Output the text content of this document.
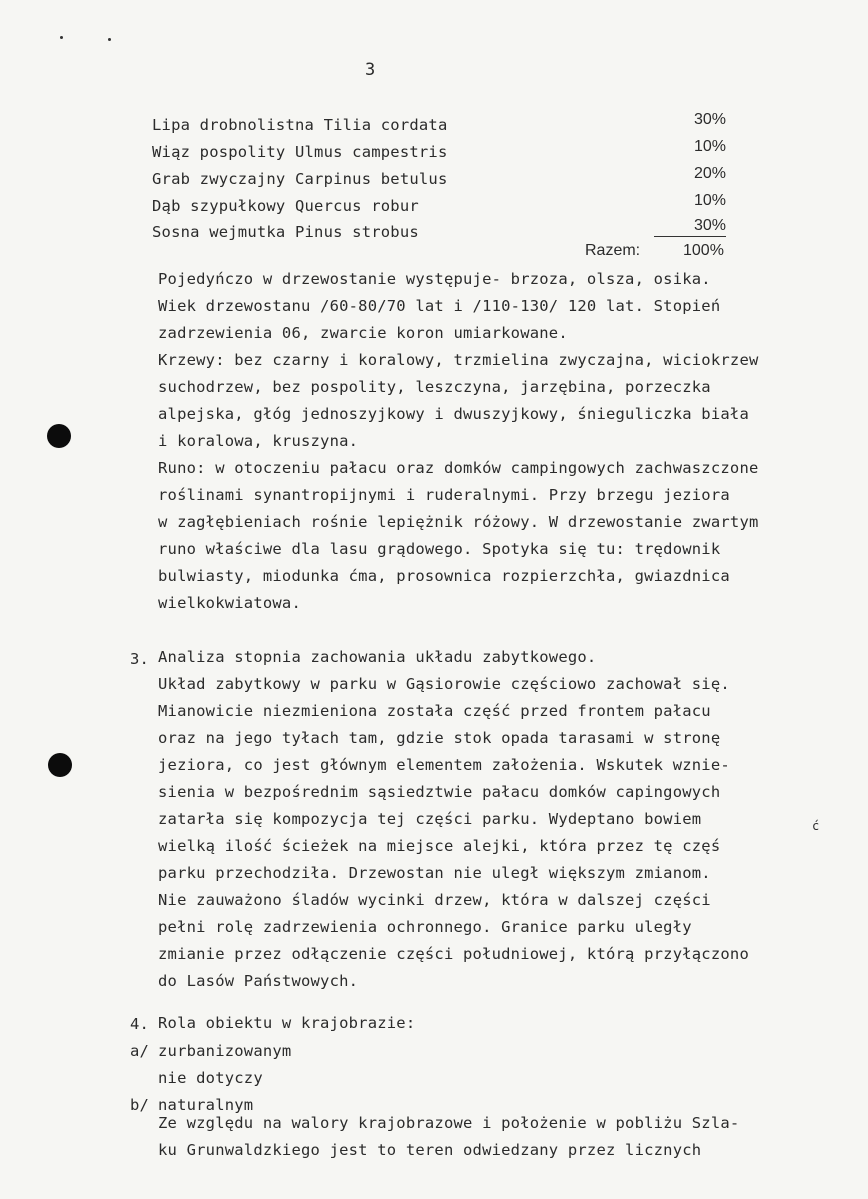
3
Lipa drobnolistna Tilia cordata	30%
Wiąz pospolity Ulmus campestris	10%
Grab zwyczajny Carpinus betulus	20%
Dąb szypułkowy Quercus robur	10%
Sosna wejmutka Pinus strobus	30%
Razem:	100%
Pojedyńczo w drzewostanie występuje- brzoza, olsza, osika.
Wiek drzewostanu /60-80/70 lat i /110-130/ 120 lat. Stopień
zadrzewienia 06, zwarcie koron umiarkowane.
Krzewy: bez czarny i koralowy, trzmielina zwyczajna, wiciokrzew
suchodrzew, bez pospolity, leszczyna, jarzębina, porzeczka
alpejska, głóg jednoszyjkowy i dwuszyjkowy, śnieguliczka biała
i koralowa, kruszyna.
Runo: w otoczeniu pałacu oraz domków campingowych zachwaszczone
roślinami synantropijnymi i ruderalnymi. Przy brzegu jeziora
w zagłębieniach rośnie lepiężnik różowy. W drzewostanie zwartym
runo właściwe dla lasu grądowego. Spotyka się tu: trędownik
bulwiasty, miodunka ćma, prosownica rozpierzchła, gwiazdnica
wielkokwiatowa.
3. Analiza stopnia zachowania układu zabytkowego.
Układ zabytkowy w parku w Gąsiorowie częściowo zachował się.
Mianowicie niezmieniona została część przed frontem pałacu
oraz na jego tyłach tam, gdzie stok opada tarasami w stronę
jeziora, co jest głównym elementem założenia. Wskutek wznie-
sienia w bezpośrednim sąsiedztwie pałacu domków capingowych
zatarła się kompozycja tej części parku. Wydeptano bowiem
wielką ilość ścieżek na miejsce alejki, która przez tę częś
ć
parku przechodziła. Drzewostan nie uległ większym zmianom.
Nie zauważono śladów wycinki drzew, która w dalszej części
pełni rolę zadrzewienia ochronnego. Granice parku uległy
zmianie przez odłączenie części południowej, którą przyłączono
do Lasów Państwowych.
4. Rola obiektu w krajobrazie:
a/ zurbanizowanym
nie dotyczy
b/ naturalnym
Ze względu na walory krajobrazowe i położenie w pobliżu Szla-
ku Grunwaldzkiego jest to teren odwiedzany przez licznych
